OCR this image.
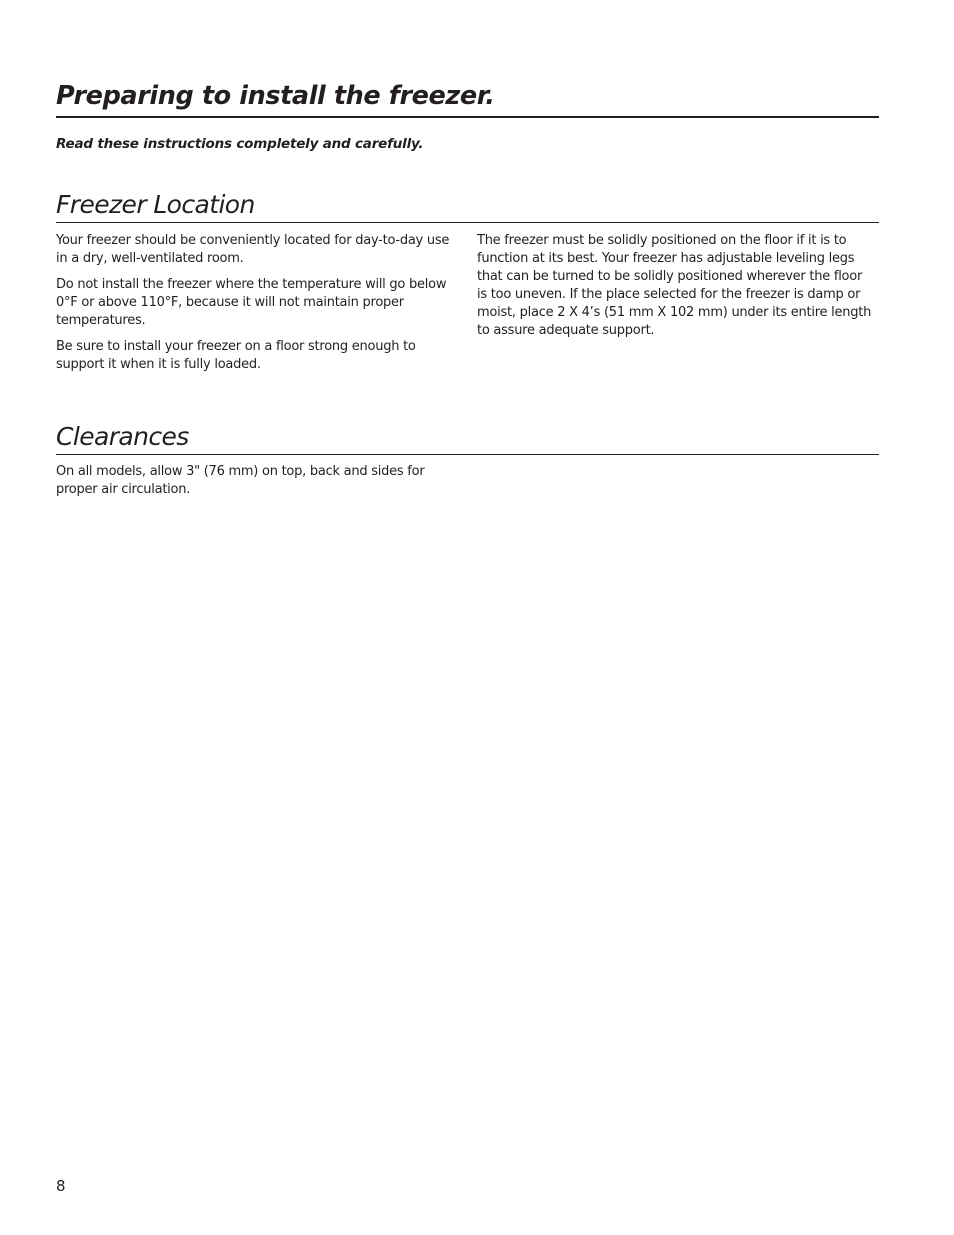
Preparing to install the freezer.

Read these instructions completely and carefully.

Freezer Location

Your freezer should be conveniently located for day-to-day use in a dry, well-ventilated room.

Do not install the freezer where the temperature will go below 0°F or above 110°F, because it will not maintain proper temperatures.

Be sure to install your freezer on a floor strong enough to support it when it is fully loaded.

The freezer must be solidly positioned on the floor if it is to function at its best. Your freezer has adjustable leveling legs that can be turned to be solidly positioned wherever the floor is too uneven. If the place selected for the freezer is damp or moist, place 2 X 4’s (51 mm X 102 mm) under its entire length to assure adequate support.

Clearances

On all models, allow 3" (76 mm) on top, back and sides for proper air circulation.

8
